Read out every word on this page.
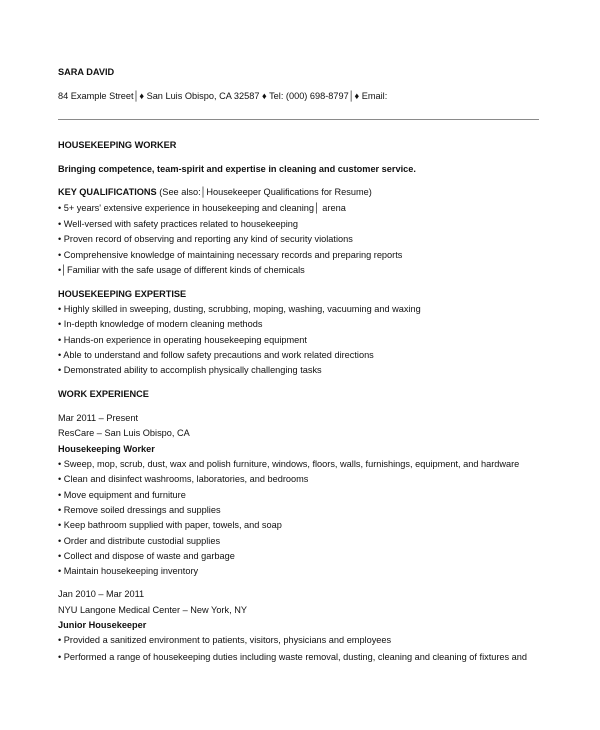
SARA DAVID
84 Example Street│♦ San Luis Obispo, CA 32587 ♦ Tel: (000) 698-8797│♦ Email:
HOUSEKEEPING WORKER
Bringing competence, team-spirit and expertise in cleaning and customer service.
KEY QUALIFICATIONS (See also:│Housekeeper Qualifications for Resume)
• 5+ years' extensive experience in housekeeping and cleaning│ arena
• Well-versed with safety practices related to housekeeping
• Proven record of observing and reporting any kind of security violations
• Comprehensive knowledge of maintaining necessary records and preparing reports
•│Familiar with the safe usage of different kinds of chemicals
HOUSEKEEPING EXPERTISE
• Highly skilled in sweeping, dusting, scrubbing, moping, washing, vacuuming and waxing
• In-depth knowledge of modern cleaning methods
• Hands-on experience in operating housekeeping equipment
• Able to understand and follow safety precautions and work related directions
• Demonstrated ability to accomplish physically challenging tasks
WORK EXPERIENCE
Mar 2011 – Present
ResCare – San Luis Obispo, CA
Housekeeping Worker
• Sweep, mop, scrub, dust, wax and polish furniture, windows, floors, walls, furnishings, equipment, and hardware
• Clean and disinfect washrooms, laboratories, and bedrooms
• Move equipment and furniture
• Remove soiled dressings and supplies
• Keep bathroom supplied with paper, towels, and soap
• Order and distribute custodial supplies
• Collect and dispose of waste and garbage
• Maintain housekeeping inventory
Jan 2010 – Mar 2011
NYU Langone Medical Center – New York, NY
Junior Housekeeper
• Provided a sanitized environment to patients, visitors, physicians and employees
• Performed a range of housekeeping duties including waste removal, dusting, cleaning and cleaning of fixtures and
